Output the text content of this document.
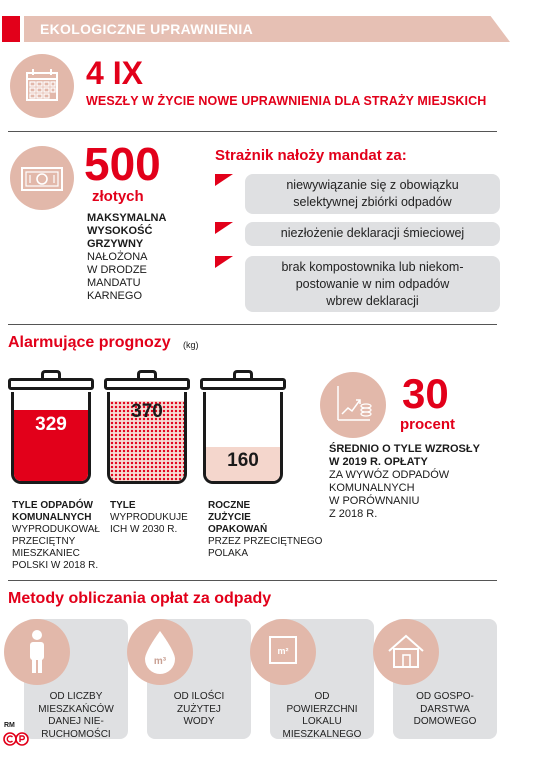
EKOLOGICZNE UPRAWNIENIA
4 IX
WESZŁY W ŻYCIE NOWE UPRAWNIENIA DLA STRAŻY MIEJSKICH
500
złotych
MAKSYMALNA
WYSOKOŚĆ
GRZYWNY
NAŁOŻONA
W DRODZE
MANDATU
KARNEGO
Strażnik nałoży mandat za:
niewywiązanie się z obowiązku
selektywnej zbiórki odpadów
niezłożenie deklaracji śmieciowej
brak kompostownika lub niekom-
postowanie w nim odpadów
wbrew deklaracji
Alarmujące prognozy (kg)
329
370
160
TYLE ODPADÓW
KOMUNALNYCH
WYPRODUKOWAŁ
PRZECIĘTNY
MIESZKANIEC
POLSKI W 2018 R.
TYLE
WYPRODUKUJE
ICH W 2030 R.
ROCZNE
ZUŻYCIE
OPAKOWAŃ
PRZEZ PRZECIĘTNEGO
POLAKA
30
procent
ŚREDNIO O TYLE WZROSŁY
W 2019 R. OPŁATY
ZA WYWÓZ ODPADÓW
KOMUNALNYCH
W PORÓWNANIU
Z 2018 R.
Metody obliczania opłat za odpady
OD LICZBY
MIESZKAŃCÓW
DANEJ NIE-
RUCHOMOŚCI
m³
OD ILOŚCI
ZUŻYTEJ
WODY
m²
OD
POWIERZCHNI
LOKALU
MIESZKALNEGO
OD GOSPO-
DARSTWA
DOMOWEGO
RM
